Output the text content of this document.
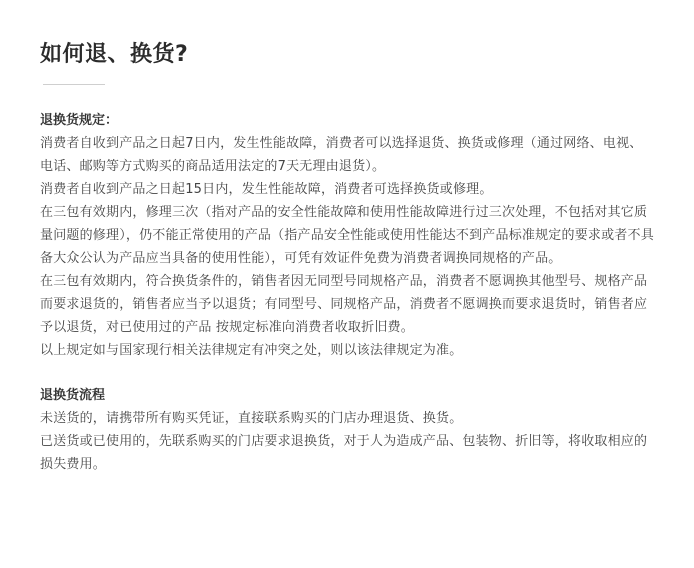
如何退、换货?

退换货规定：

消费者自收到产品之日起7日内，发生性能故障，消费者可以选择退货、换货或修理（通过网络、电视、电话、邮购等方式购买的商品适用法定的7天无理由退货）。

消费者自收到产品之日起15日内，发生性能故障，消费者可选择换货或修理。

在三包有效期内，修理三次（指对产品的安全性能故障和使用性能故障进行过三次处理，不包括对其它质量问题的修理），仍不能正常使用的产品（指产品安全性能或使用性能达不到产品标准规定的要求或者不具备大众公认为产品应当具备的使用性能），可凭有效证件免费为消费者调换同规格的产品。

在三包有效期内，符合换货条件的，销售者因无同型号同规格产品，消费者不愿调换其他型号、规格产品而要求退货的，销售者应当予以退货；有同型号、同规格产品，消费者不愿调换而要求退货时，销售者应予以退货，对已使用过的产品 按规定标准向消费者收取折旧费。

以上规定如与国家现行相关法律规定有冲突之处，则以该法律规定为准。

退换货流程

未送货的，请携带所有购买凭证，直接联系购买的门店办理退货、换货。

已送货或已使用的，先联系购买的门店要求退换货，对于人为造成产品、包装物、折旧等，将收取相应的损失费用。
